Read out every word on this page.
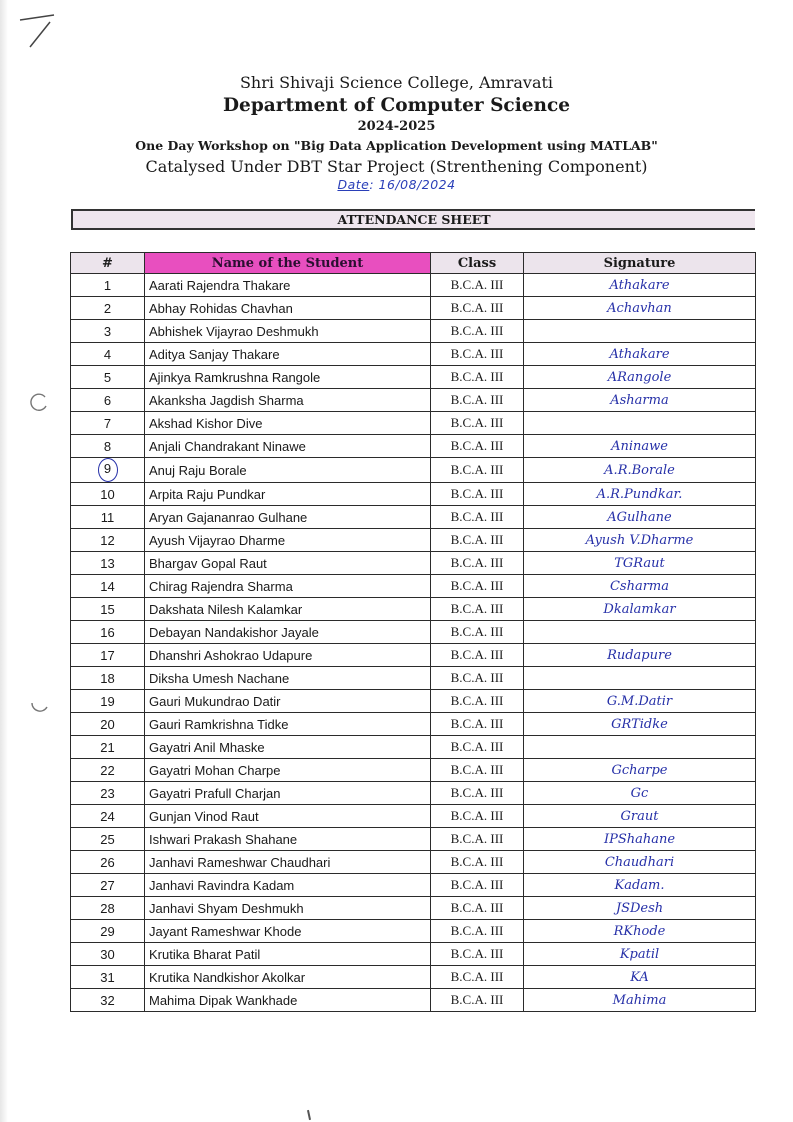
Shri Shivaji Science College, Amravati

Department of Computer Science

2024-2025

One Day Workshop on "Big Data Application Development using MATLAB"

Catalysed Under DBT Star Project (Strenthening Component)

Date: 16/08/2024

ATTENDANCE SHEET
#	Name of the Student	Class	Signature
1	Aarati Rajendra Thakare	B.C.A. III	Athakare
2	Abhay Rohidas Chavhan	B.C.A. III	Achavhan
3	Abhishek Vijayrao Deshmukh	B.C.A. III	
4	Aditya Sanjay Thakare	B.C.A. III	Athakare
5	Ajinkya Ramkrushna Rangole	B.C.A. III	ARangole
6	Akanksha Jagdish Sharma	B.C.A. III	Asharma
7	Akshad Kishor Dive	B.C.A. III	
8	Anjali Chandrakant Ninawe	B.C.A. III	Aninawe
9	Anuj Raju Borale	B.C.A. III	A.R.Borale
10	Arpita Raju Pundkar	B.C.A. III	A.R.Pundkar.
11	Aryan Gajananrao Gulhane	B.C.A. III	AGulhane
12	Ayush Vijayrao Dharme	B.C.A. III	Ayush V.Dharme
13	Bhargav Gopal Raut	B.C.A. III	TGRaut
14	Chirag Rajendra Sharma	B.C.A. III	Csharma
15	Dakshata Nilesh Kalamkar	B.C.A. III	Dkalamkar
16	Debayan Nandakishor Jayale	B.C.A. III	
17	Dhanshri Ashokrao Udapure	B.C.A. III	Rudapure
18	Diksha Umesh Nachane	B.C.A. III	
19	Gauri Mukundrao Datir	B.C.A. III	G.M.Datir
20	Gauri Ramkrishna Tidke	B.C.A. III	GRTidke
21	Gayatri Anil Mhaske	B.C.A. III	
22	Gayatri Mohan Charpe	B.C.A. III	Gcharpe
23	Gayatri Prafull Charjan	B.C.A. III	Gc
24	Gunjan Vinod Raut	B.C.A. III	Graut
25	Ishwari Prakash Shahane	B.C.A. III	IPShahane
26	Janhavi Rameshwar Chaudhari	B.C.A. III	Chaudhari
27	Janhavi Ravindra Kadam	B.C.A. III	Kadam.
28	Janhavi Shyam Deshmukh	B.C.A. III	JSDesh
29	Jayant Rameshwar Khode	B.C.A. III	RKhode
30	Krutika Bharat Patil	B.C.A. III	Kpatil
31	Krutika Nandkishor Akolkar	B.C.A. III	KA
32	Mahima Dipak Wankhade	B.C.A. III	Mahima
